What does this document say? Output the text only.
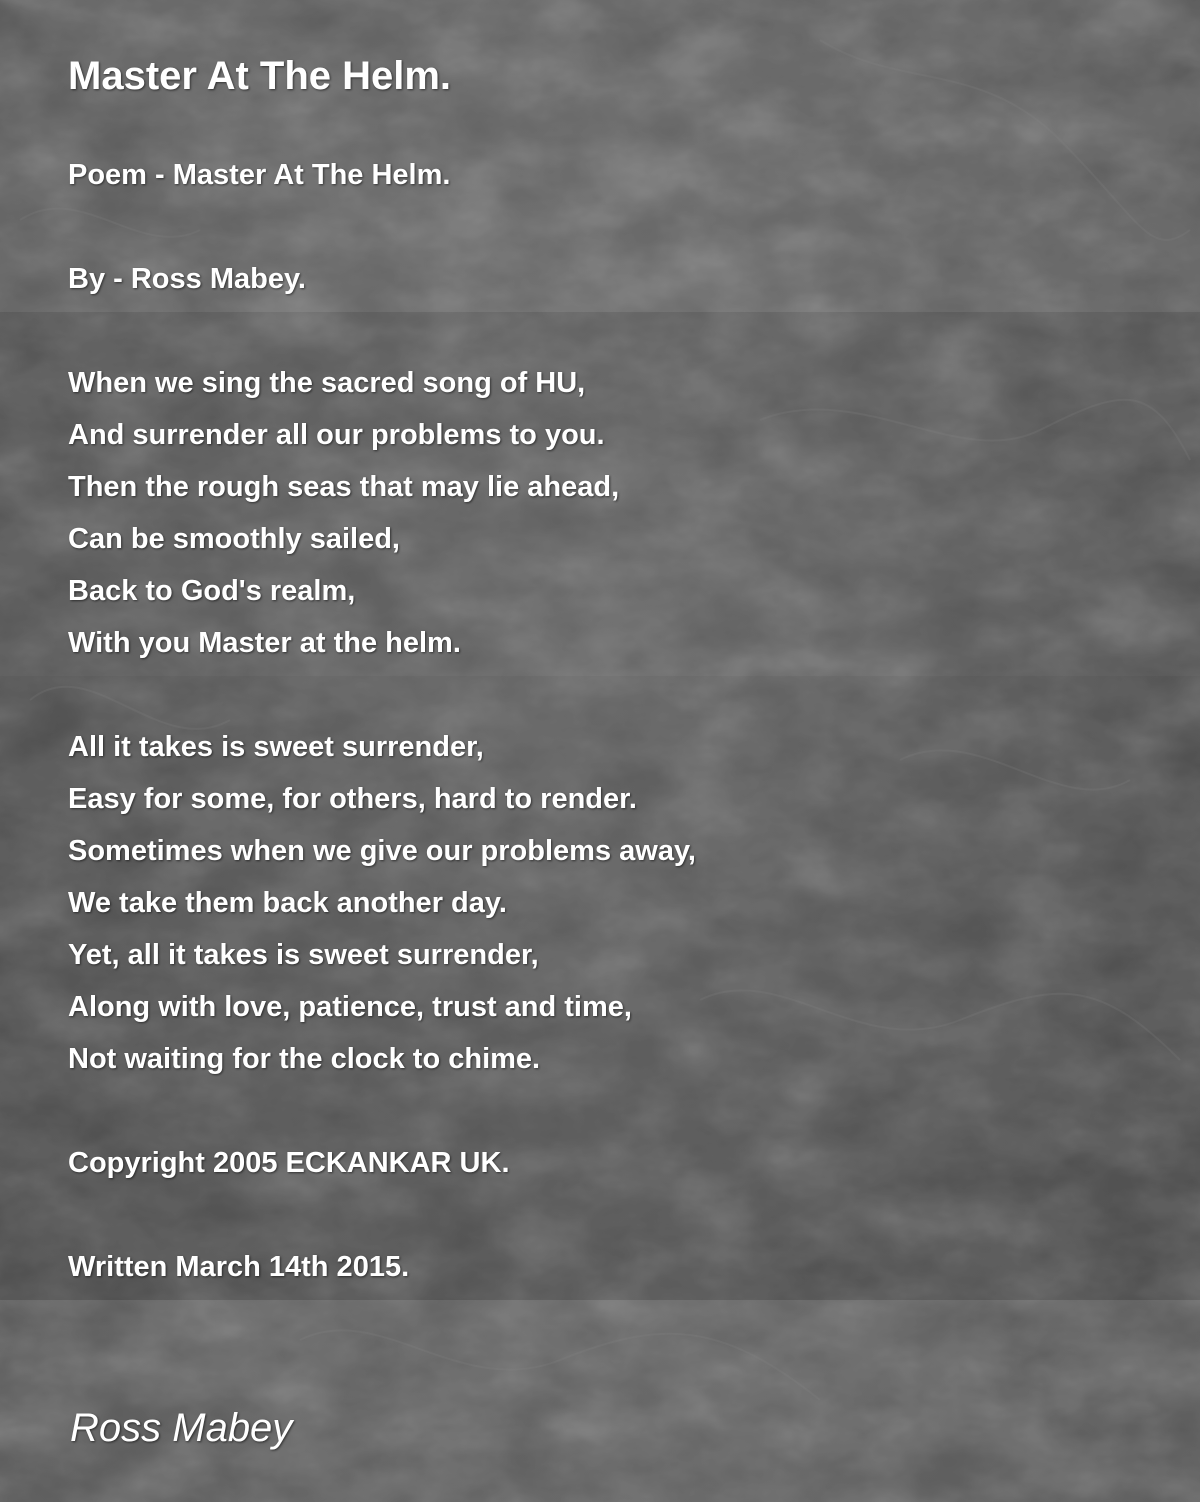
Master At The Helm.
Poem - Master At The Helm.
By - Ross Mabey.
When we sing the sacred song of HU,
And surrender all our problems to you.
Then the rough seas that may lie ahead,
Can be smoothly sailed,
Back to God's realm,
With you Master at the helm.
All it takes is sweet surrender,
Easy for some, for others, hard to render.
Sometimes when we give our problems away,
We take them back another day.
Yet, all it takes is sweet surrender,
Along with love, patience, trust and time,
Not waiting for the clock to chime.
Copyright 2005 ECKANKAR UK.
Written March 14th 2015.
Ross Mabey
